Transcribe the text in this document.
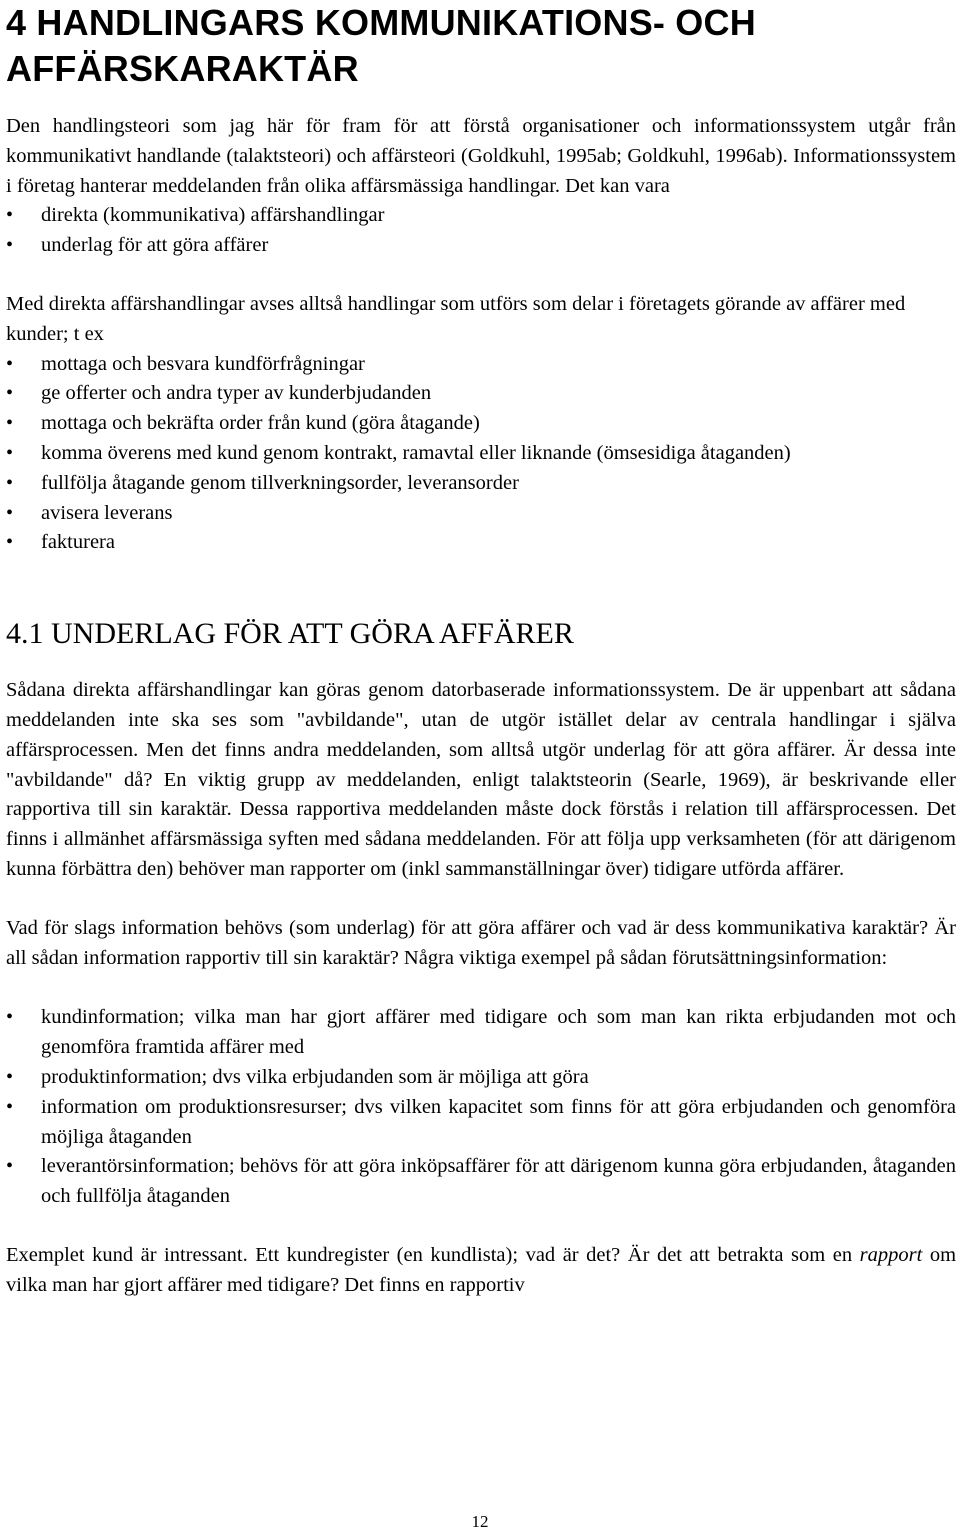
4 HANDLINGARS KOMMUNIKATIONS- OCH AFFÄRSKARAKTÄR

Den handlingsteori som jag här för fram för att förstå organisationer och informationssystem utgår från kommunikativt handlande (talaktsteori) och affärsteori (Goldkuhl, 1995ab; Goldkuhl, 1996ab). Informationssystem i företag hanterar meddelanden från olika affärsmässiga handlingar. Det kan vara

• direkta (kommunikativa) affärshandlingar
• underlag för att göra affärer

Med direkta affärshandlingar avses alltså handlingar som utförs som delar i företagets görande av affärer med kunder; t ex

• mottaga och besvara kundförfrågningar
• ge offerter och andra typer av kunderbjudanden
• mottaga och bekräfta order från kund (göra åtagande)
• komma överens med kund genom kontrakt, ramavtal eller liknande (ömsesidiga åtaganden)
• fullfölja åtagande genom tillverkningsorder, leveransorder
• avisera leverans
• fakturera
4.1 UNDERLAG FÖR ATT GÖRA AFFÄRER

Sådana direkta affärshandlingar kan göras genom datorbaserade informationssystem. De är uppenbart att sådana meddelanden inte ska ses som "avbildande", utan de utgör istället delar av centrala handlingar i själva affärsprocessen. Men det finns andra meddelanden, som alltså utgör underlag för att göra affärer. Är dessa inte "avbildande" då? En viktig grupp av meddelanden, enligt talaktsteorin (Searle, 1969), är beskrivande eller rapportiva till sin karaktär. Dessa rapportiva meddelanden måste dock förstås i relation till affärsprocessen. Det finns i allmänhet affärsmässiga syften med sådana meddelanden. För att följa upp verksamheten (för att därigenom kunna förbättra den) behöver man rapporter om (inkl sammanställningar över) tidigare utförda affärer.

Vad för slags information behövs (som underlag) för att göra affärer och vad är dess kommunikativa karaktär? Är all sådan information rapportiv till sin karaktär? Några viktiga exempel på sådan förutsättningsinformation:

• kundinformation; vilka man har gjort affärer med tidigare och som man kan rikta erbjudanden mot och genomföra framtida affärer med
• produktinformation; dvs vilka erbjudanden som är möjliga att göra
• information om produktionsresurser; dvs vilken kapacitet som finns för att göra erbjudanden och genomföra möjliga åtaganden
• leverantörsinformation; behövs för att göra inköpsaffärer för att därigenom kunna göra erbjudanden, åtaganden och fullfölja åtaganden

Exemplet kund är intressant. Ett kundregister (en kundlista); vad är det? Är det att betrakta som en rapport om vilka man har gjort affärer med tidigare? Det finns en rapportiv

12
